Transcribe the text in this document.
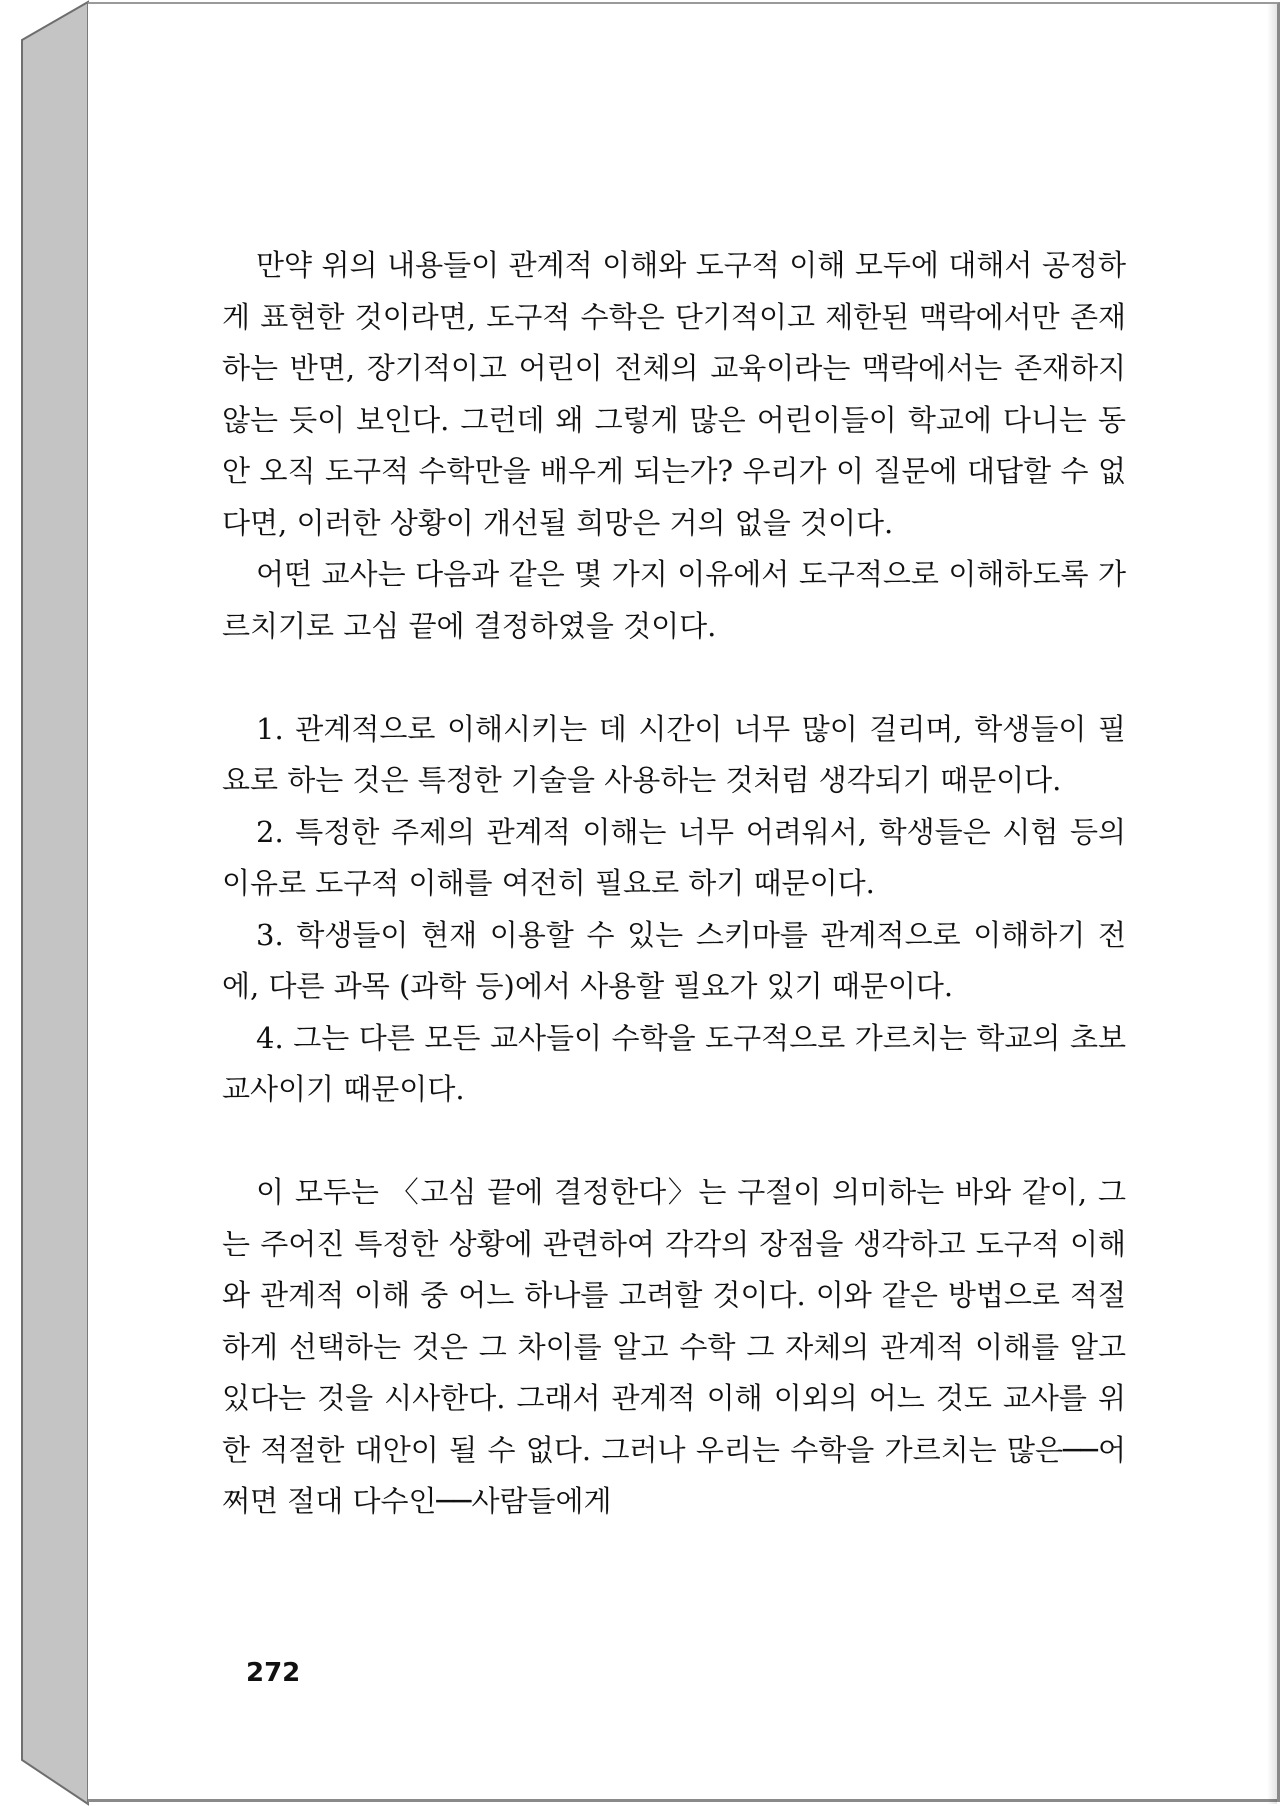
만약 위의 내용들이 관계적 이해와 도구적 이해 모두에 대해서 공정하게 표현한 것이라면, 도구적 수학은 단기적이고 제한된 맥락에서만 존재하는 반면, 장기적이고 어린이 전체의 교육이라는 맥락에서는 존재하지 않는 듯이 보인다. 그런데 왜 그렇게 많은 어린이들이 학교에 다니는 동안 오직 도구적 수학만을 배우게 되는가? 우리가 이 질문에 대답할 수 없다면, 이러한 상황이 개선될 희망은 거의 없을 것이다.

어떤 교사는 다음과 같은 몇 가지 이유에서 도구적으로 이해하도록 가르치기로 고심 끝에 결정하였을 것이다.

1. 관계적으로 이해시키는 데 시간이 너무 많이 걸리며, 학생들이 필요로 하는 것은 특정한 기술을 사용하는 것처럼 생각되기 때문이다.

2. 특정한 주제의 관계적 이해는 너무 어려워서, 학생들은 시험 등의 이유로 도구적 이해를 여전히 필요로 하기 때문이다.

3. 학생들이 현재 이용할 수 있는 스키마를 관계적으로 이해하기 전에, 다른 과목 (과학 등)에서 사용할 필요가 있기 때문이다.

4. 그는 다른 모든 교사들이 수학을 도구적으로 가르치는 학교의 초보 교사이기 때문이다.

이 모두는 〈고심 끝에 결정한다〉는 구절이 의미하는 바와 같이, 그는 주어진 특정한 상황에 관련하여 각각의 장점을 생각하고 도구적 이해와 관계적 이해 중 어느 하나를 고려할 것이다. 이와 같은 방법으로 적절하게 선택하는 것은 그 차이를 알고 수학 그 자체의 관계적 이해를 알고 있다는 것을 시사한다. 그래서 관계적 이해 이외의 어느 것도 교사를 위한 적절한 대안이 될 수 없다. 그러나 우리는 수학을 가르치는 많은──어쩌면 절대 다수인──사람들에게

272
